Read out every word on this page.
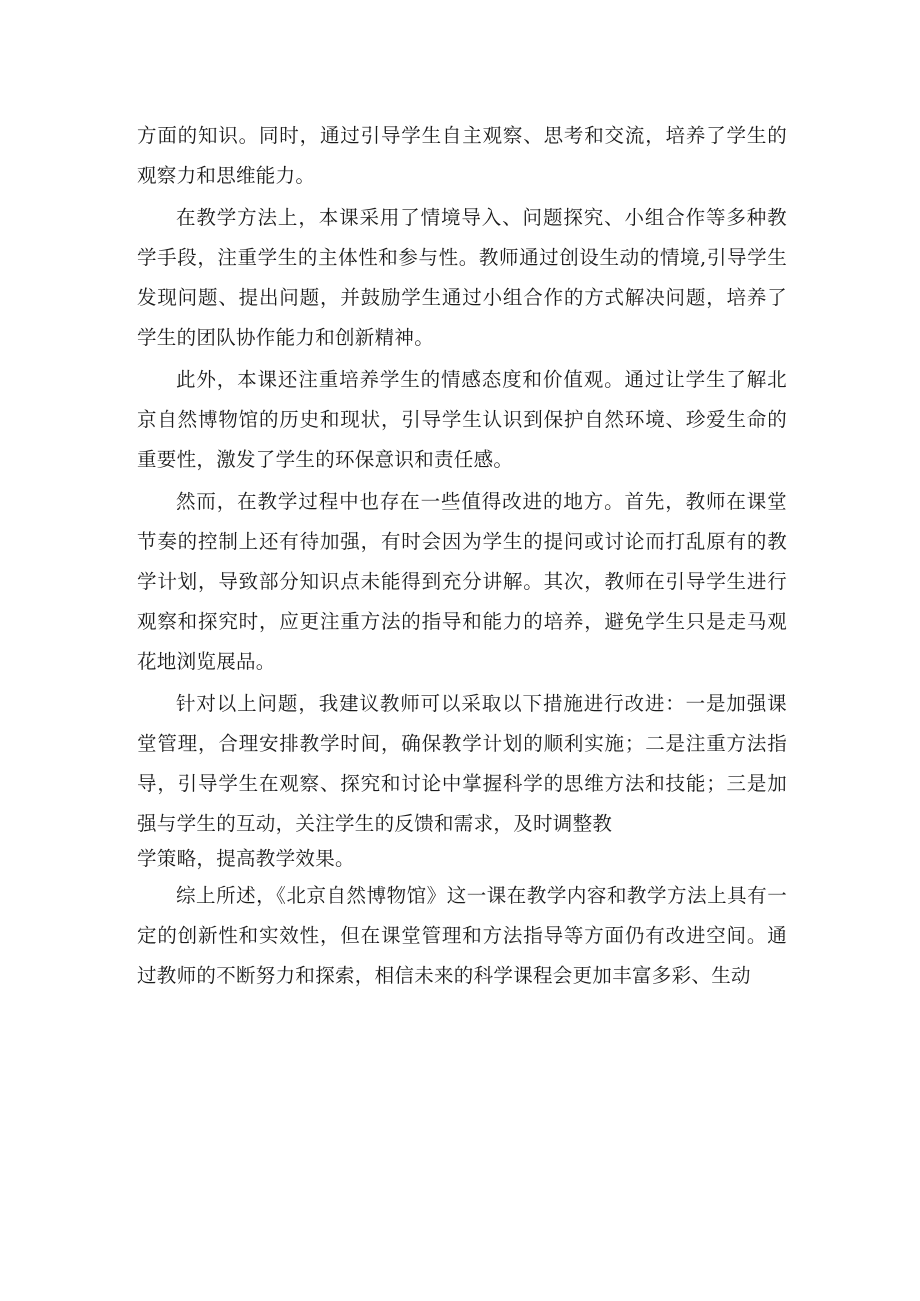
方面的知识。同时，通过引导学生自主观察、思考和交流，培养了学生的观察力和思维能力。

在教学方法上，本课采用了情境导入、问题探究、小组合作等多种教学手段，注重学生的主体性和参与性。教师通过创设生动的情境,引导学生发现问题、提出问题，并鼓励学生通过小组合作的方式解决问题，培养了学生的团队协作能力和创新精神。

此外，本课还注重培养学生的情感态度和价值观。通过让学生了解北京自然博物馆的历史和现状，引导学生认识到保护自然环境、珍爱生命的重要性，激发了学生的环保意识和责任感。

然而，在教学过程中也存在一些值得改进的地方。首先，教师在课堂节奏的控制上还有待加强，有时会因为学生的提问或讨论而打乱原有的教学计划，导致部分知识点未能得到充分讲解。其次，教师在引导学生进行观察和探究时，应更注重方法的指导和能力的培养，避免学生只是走马观花地浏览展品。

针对以上问题，我建议教师可以采取以下措施进行改进：一是加强课堂管理，合理安排教学时间，确保教学计划的顺利实施；二是注重方法指导，引导学生在观察、探究和讨论中掌握科学的思维方法和技能；三是加强与学生的互动，关注学生的反馈和需求，及时调整教
学策略，提高教学效果。

综上所述，《北京自然博物馆》这一课在教学内容和教学方法上具有一定的创新性和实效性，但在课堂管理和方法指导等方面仍有改进空间。通过教师的不断努力和探索，相信未来的科学课程会更加丰富多彩、生动
